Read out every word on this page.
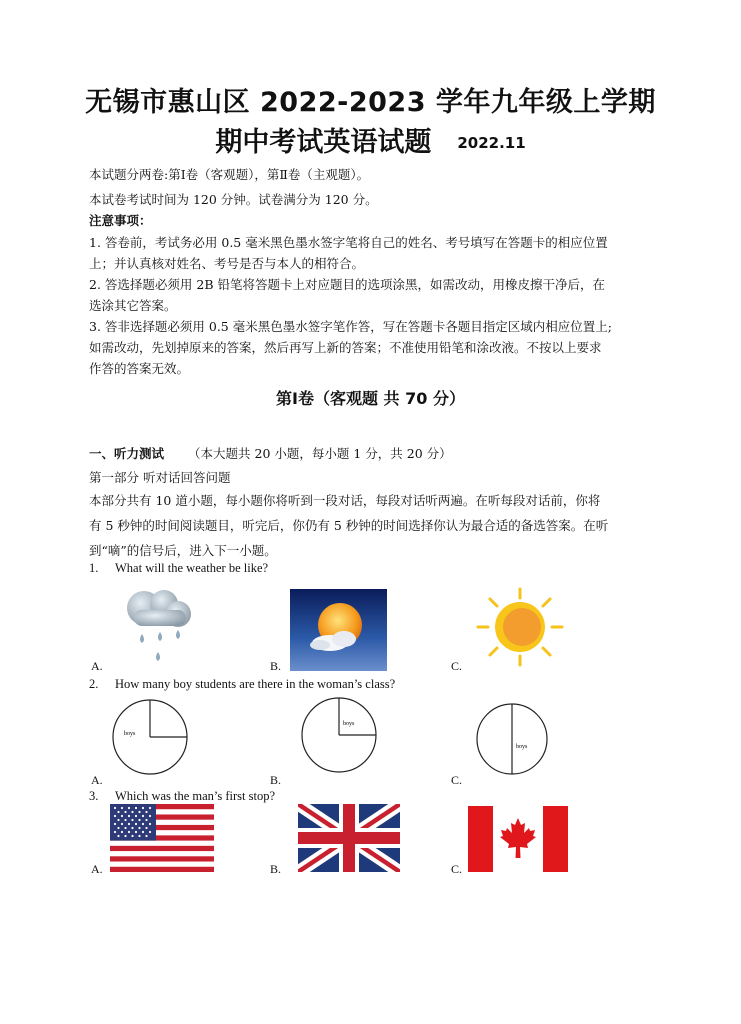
无锡市惠山区 2022-2023 学年九年级上学期
期中考试英语试题 2022.11
本试题分两卷:第Ⅰ卷（客观题），第Ⅱ卷（主观题）。
本试卷考试时间为 120 分钟。试卷满分为 120 分。
注意事项：
1. 答卷前，考试务必用 0.5 毫米黑色墨水签字笔将自己的姓名、考号填写在答题卡的相应位置
上；并认真核对姓名、考号是否与本人的相符合。
2. 答选择题必须用 2B 铅笔将答题卡上对应题目的选项涂黑，如需改动，用橡皮擦干净后，在
选涂其它答案。
3. 答非选择题必须用 0.5 毫米黑色墨水签字笔作答，写在答题卡各题目指定区域内相应位置上;
如需改动，先划掉原来的答案，然后再写上新的答案；不准使用铅笔和涂改液。不按以上要求
作答的答案无效。
第Ⅰ卷（客观题 共 70 分）
一、听力测试 （本大题共 20 小题，每小题 1 分，共 20 分）
第一部分 听对话回答问题
本部分共有 10 道小题，每小题你将听到一段对话，每段对话听两遍。在听每段对话前，你将
有 5 秒钟的时间阅读题目，听完后，你仍有 5 秒钟的时间选择你认为最合适的备选答案。在听
到“嘀”的信号后，进入下一小题。
1. What will the weather be like?
A.	B.	C.
2. How many boy students are there in the woman’s class?
boys
A.
boys
B.
boys
C.
3. Which was the man’s first stop?
A.	B.	C.
